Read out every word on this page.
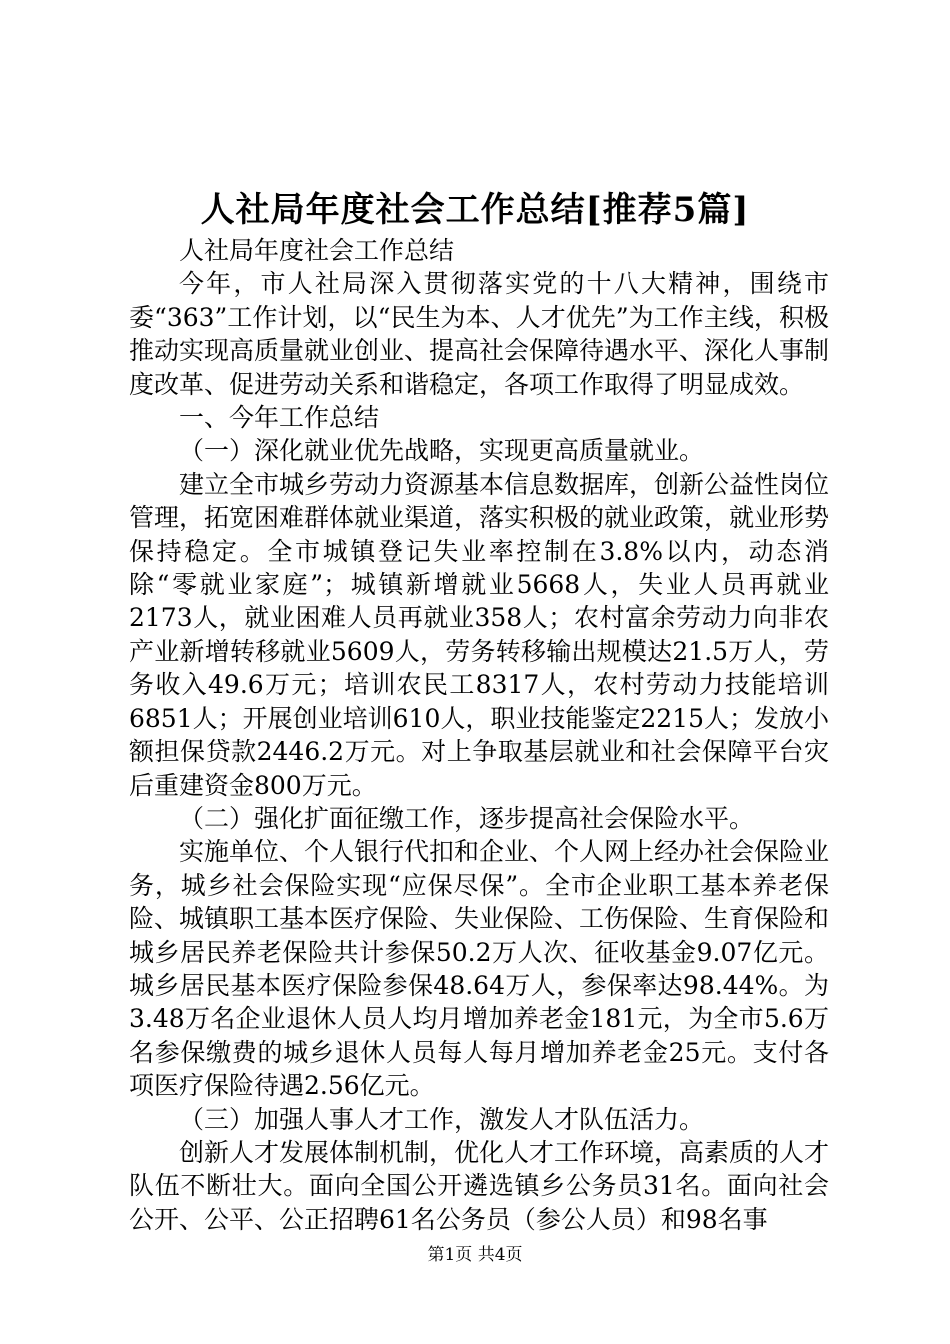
人社局年度社会工作总结[推荐5篇]

人社局年度社会工作总结

今年，市人社局深入贯彻落实党的十八大精神，围绕市委“363”工作计划，以“民生为本、人才优先”为工作主线，积极推动实现高质量就业创业、提高社会保障待遇水平、深化人事制度改革、促进劳动关系和谐稳定，各项工作取得了明显成效。

一、今年工作总结

（一）深化就业优先战略，实现更高质量就业。

建立全市城乡劳动力资源基本信息数据库，创新公益性岗位管理，拓宽困难群体就业渠道，落实积极的就业政策，就业形势保持稳定。全市城镇登记失业率控制在3.8%以内，动态消除“零就业家庭”；城镇新增就业5668人，失业人员再就业2173人，就业困难人员再就业358人；农村富余劳动力向非农产业新增转移就业5609人，劳务转移输出规模达21.5万人，劳务收入49.6万元；培训农民工8317人，农村劳动力技能培训6851人；开展创业培训610人，职业技能鉴定2215人；发放小额担保贷款2446.2万元。对上争取基层就业和社会保障平台灾后重建资金800万元。

（二）强化扩面征缴工作，逐步提高社会保险水平。

实施单位、个人银行代扣和企业、个人网上经办社会保险业务，城乡社会保险实现“应保尽保”。全市企业职工基本养老保险、城镇职工基本医疗保险、失业保险、工伤保险、生育保险和城乡居民养老保险共计参保50.2万人次、征收基金9.07亿元。城乡居民基本医疗保险参保48.64万人，参保率达98.44%。为3.48万名企业退休人员人均月增加养老金181元，为全市5.6万名参保缴费的城乡退休人员每人每月增加养老金25元。支付各项医疗保险待遇2.56亿元。

（三）加强人事人才工作，激发人才队伍活力。

创新人才发展体制机制，优化人才工作环境，高素质的人才队伍不断壮大。面向全国公开遴选镇乡公务员31名。面向社会公开、公平、公正招聘61名公务员（参公人员）和98名事

第1页 共4页
